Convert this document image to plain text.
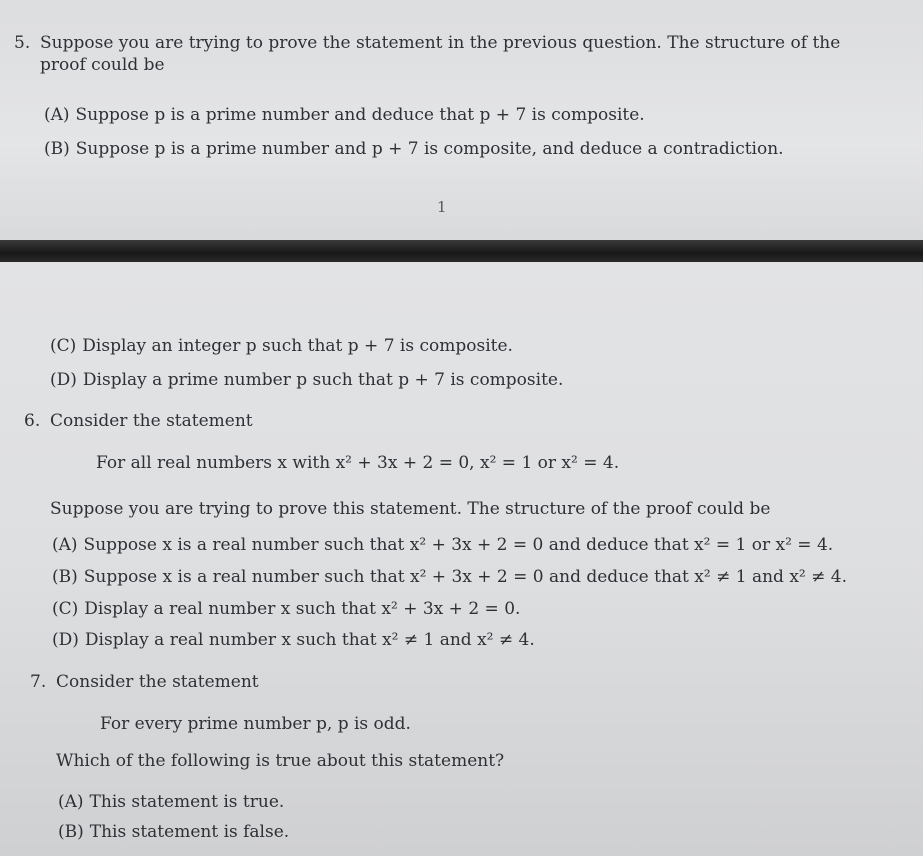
5. Suppose you are trying to prove the statement in the previous question. The structure of the
proof could be
(A) Suppose p is a prime number and deduce that p + 7 is composite.
(B) Suppose p is a prime number and p + 7 is composite, and deduce a contradiction.
1
(C) Display an integer p such that p + 7 is composite.
(D) Display a prime number p such that p + 7 is composite.
6. Consider the statement
For all real numbers x with x² + 3x + 2 = 0, x² = 1 or x² = 4.
Suppose you are trying to prove this statement. The structure of the proof could be
(A) Suppose x is a real number such that x² + 3x + 2 = 0 and deduce that x² = 1 or x² = 4.
(B) Suppose x is a real number such that x² + 3x + 2 = 0 and deduce that x² ≠ 1 and x² ≠ 4.
(C) Display a real number x such that x² + 3x + 2 = 0.
(D) Display a real number x such that x² ≠ 1 and x² ≠ 4.
7. Consider the statement
For every prime number p, p is odd.
Which of the following is true about this statement?
(A) This statement is true.
(B) This statement is false.
